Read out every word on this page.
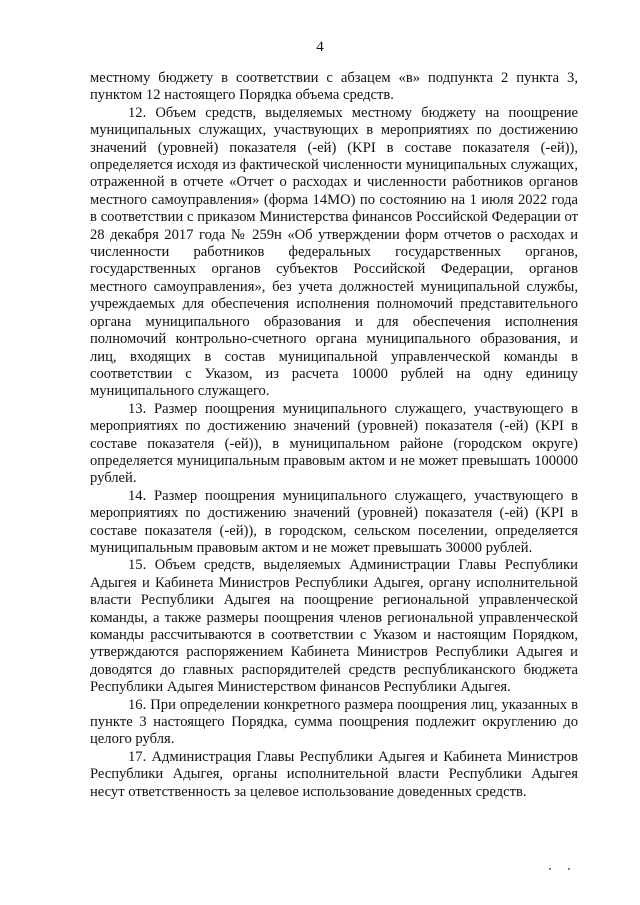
4

местному бюджету в соответствии с абзацем «в» подпункта 2 пункта 3, пунктом 12 настоящего Порядка объема средств.

12. Объем средств, выделяемых местному бюджету на поощрение муниципальных служащих, участвующих в мероприятиях по достижению значений (уровней) показателя (-ей) (KPI в составе показателя (-ей)), определяется исходя из фактической численности муниципальных служащих, отраженной в отчете «Отчет о расходах и численности работников органов местного самоуправления» (форма 14МО) по состоянию на 1 июля 2022 года в соответствии с приказом Министерства финансов Российской Федерации от 28 декабря 2017 года № 259н «Об утверждении форм отчетов о расходах и численности работников федеральных государственных органов, государственных органов субъектов Российской Федерации, органов местного самоуправления», без учета должностей муниципальной службы, учреждаемых для обеспечения исполнения полномочий представительного органа муниципального образования и для обеспечения исполнения полномочий контрольно-счетного органа муниципального образования, и лиц, входящих в состав муниципальной управленческой команды в соответствии с Указом, из расчета 10000 рублей на одну единицу муниципального служащего.

13. Размер поощрения муниципального служащего, участвующего в мероприятиях по достижению значений (уровней) показателя (-ей) (KPI в составе показателя (-ей)), в муниципальном районе (городском округе) определяется муниципальным правовым актом и не может превышать 100000 рублей.

14. Размер поощрения муниципального служащего, участвующего в мероприятиях по достижению значений (уровней) показателя (-ей) (KPI в составе показателя (-ей)), в городском, сельском поселении, определяется муниципальным правовым актом и не может превышать 30000 рублей.

15. Объем средств, выделяемых Администрации Главы Республики Адыгея и Кабинета Министров Республики Адыгея, органу исполнительной власти Республики Адыгея на поощрение региональной управленческой команды, а также размеры поощрения членов региональной управленческой команды рассчитываются в соответствии с Указом и настоящим Порядком, утверждаются распоряжением Кабинета Министров Республики Адыгея и доводятся до главных распорядителей средств республиканского бюджета Республики Адыгея Министерством финансов Республики Адыгея.

16. При определении конкретного размера поощрения лиц, указанных в пункте 3 настоящего Порядка, сумма поощрения подлежит округлению до целого рубля.

17. Администрация Главы Республики Адыгея и Кабинета Министров Республики Адыгея, органы исполнительной власти Республики Адыгея несут ответственность за целевое использование доведенных средств.
